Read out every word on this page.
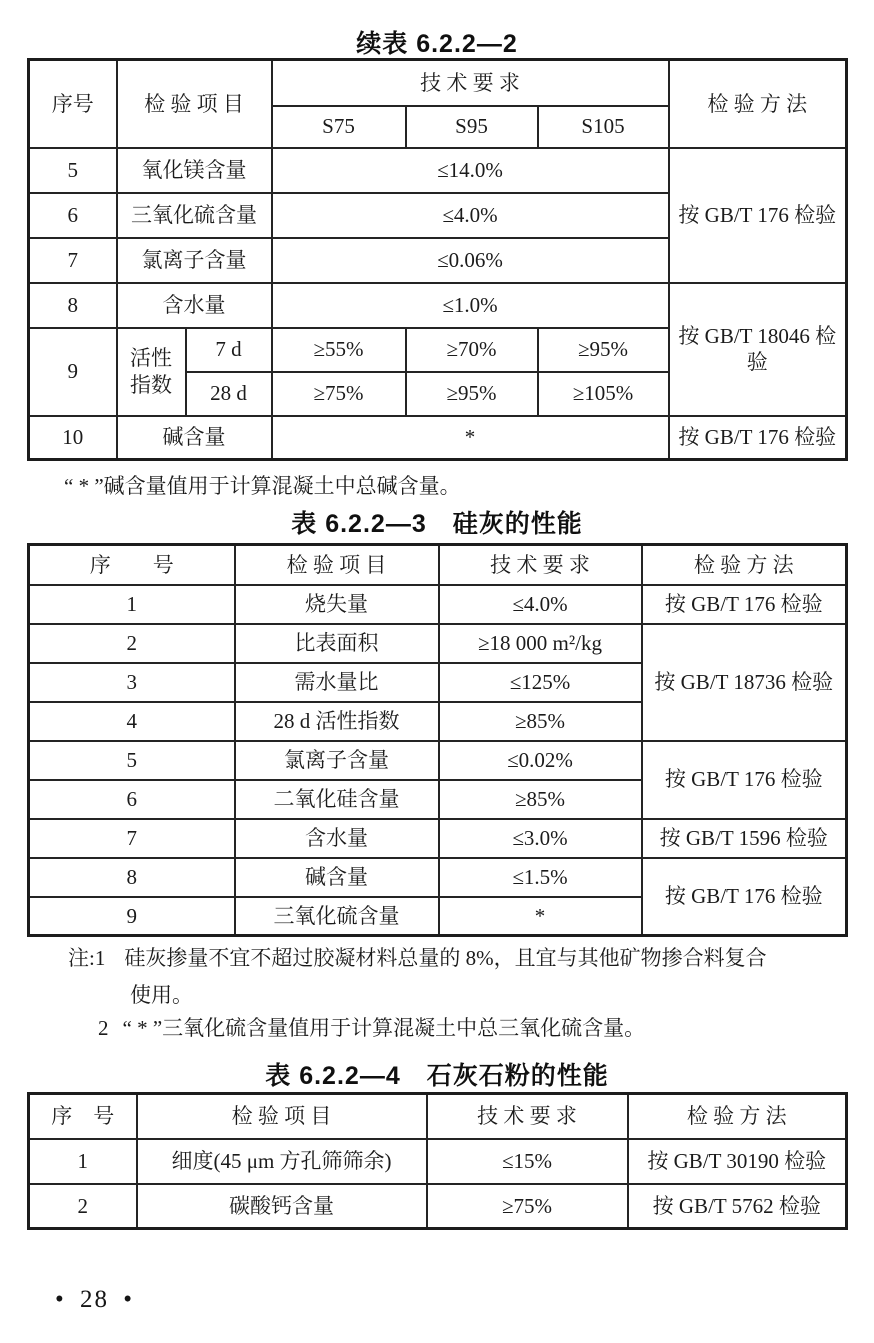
续表 6.2.2—2
序号	检 验 项 目		技 术 要 求			检 验 方 法
			S75	S95	S105	
5	氧化镁含量		≤14.0%			按 GB/T 176 检验
6	三氧化硫含量		≤4.0%			
7	氯离子含量		≤0.06%			
8	含水量		≤1.0%			按 GB/T 18046 检验
9	活性指数	7 d	≥55%	≥70%	≥95%	
		28 d	≥75%	≥95%	≥105%	
10	碱含量		*			按 GB/T 176 检验
“ * ”碱含量值用于计算混凝土中总碱含量。
表 6.2.2—3　硅灰的性能
序　　号	检 验 项 目	技 术 要 求	检 验 方 法
1	烧失量	≤4.0%	按 GB/T 176 检验
2	比表面积	≥18 000 m²/kg	按 GB/T 18736 检验
3	需水量比	≤125%	
4	28 d 活性指数	≥85%	
5	氯离子含量	≤0.02%	按 GB/T 176 检验
6	二氧化硅含量	≥85%	
7	含水量	≤3.0%	按 GB/T 1596 检验
8	碱含量	≤1.5%	按 GB/T 176 检验
9	三氧化硫含量	*	
注:1 硅灰掺量不宜不超过胶凝材料总量的 8%，且宜与其他矿物掺合料复合
使用。
2 “ * ”三氧化硫含量值用于计算混凝土中总三氧化硫含量。
表 6.2.2—4　石灰石粉的性能
序　号	检 验 项 目	技 术 要 求	检 验 方 法
1	细度(45 μm 方孔筛筛余)	≤15%	按 GB/T 30190 检验
2	碳酸钙含量	≥75%	按 GB/T 5762 检验
• 28 •
